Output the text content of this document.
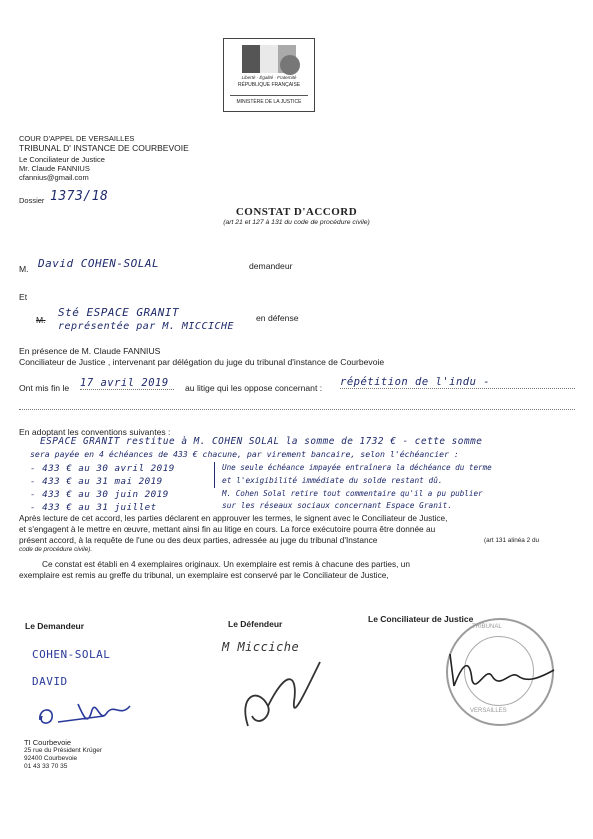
Liberté · Égalité · Fraternité
RÉPUBLIQUE FRANÇAISE
MINISTÈRE DE LA JUSTICE
COUR D'APPEL DE VERSAILLES
TRIBUNAL D' INSTANCE DE COURBEVOIE
Le Conciliateur de Justice
Mr. Claude FANNIUS
cfannius@gmail.com
Dossier 1373/18
CONSTAT D'ACCORD
(art 21 et 127 à 131 du code de procédure civile)
M. David COHEN-SOLAL	demandeur
Et
M.
Sté ESPACE GRANIT
représentée par M. MICCICHE
en défense
En présence de M. Claude FANNIUS
Conciliateur de Justice , intervenant par délégation du juge du tribunal d'instance de Courbevoie
Ont mis fin le 17 avril 2019	au litige qui les oppose concernant : répétition de l'indu -
En adoptant les conventions suivantes :
ESPACE GRANIT restitue à M. COHEN SOLAL la somme de 1732 € - cette somme
sera payée en 4 échéances de 433 € chacune, par virement bancaire, selon l'échéancier :
- 433 € au 30 avril 2019
- 433 € au 31 mai 2019
- 433 € au 30 juin 2019
- 433 € au 31 juillet
Une seule échéance impayée entraînera la déchéance du terme
et l'exigibilité immédiate du solde restant dû.
M. Cohen Solal retire tout commentaire qu'il a pu publier
sur les réseaux sociaux concernant Espace Granit.
Après lecture de cet accord, les parties déclarent en approuver les termes, le signent avec le Conciliateur de Justice,
et s'engagent à le mettre en œuvre, mettant ainsi fin au litige en cours. La force exécutoire pourra être donnée au
présent accord, à la requête de l'une ou des deux parties, adressée au juge du tribunal d'Instance	(art 131 alinéa 2 du
code de procédure civile).
Ce constat est établi en 4 exemplaires originaux. Un exemplaire est remis à chacune des parties, un
exemplaire est remis au greffe du tribunal, un exemplaire est conservé par le Conciliateur de Justice,
Le Demandeur	Le Défendeur	Le Conciliateur de Justice
COHEN-SOLAL
DAVID
M Micciche
TRIBUNAL
VERSAILLES
TI Courbevoie
25 rue du Président Krüger
92400 Courbevoie
01 43 33 70 35
